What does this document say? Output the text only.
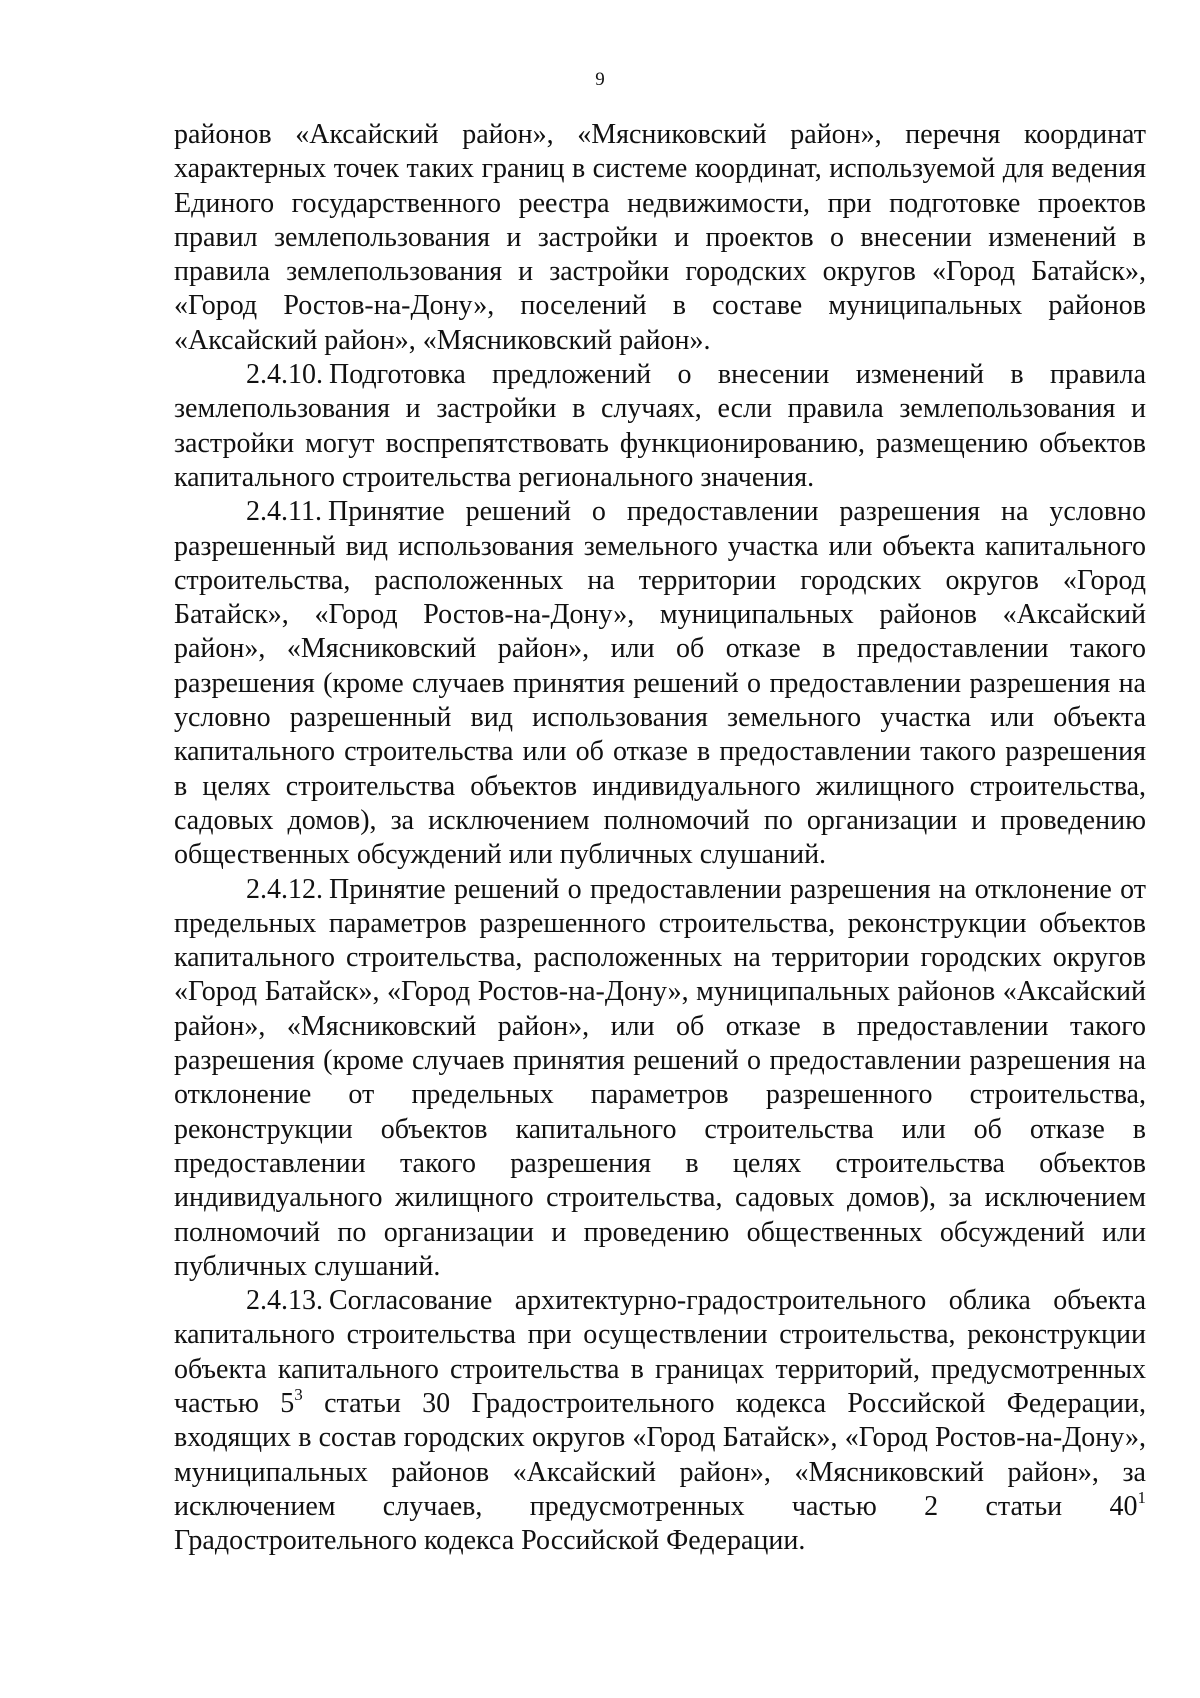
9

районов «Аксайский район», «Мясниковский район», перечня координат характерных точек таких границ в системе координат, используемой для ведения Единого государственного реестра недвижимости, при подготовке проектов правил землепользования и застройки и проектов о внесении изменений в правила землепользования и застройки городских округов «Город Батайск», «Город Ростов-на-Дону», поселений в составе муниципальных районов «Аксайский район», «Мясниковский район».

2.4.10. Подготовка предложений о внесении изменений в правила землепользования и застройки в случаях, если правила землепользования и застройки могут воспрепятствовать функционированию, размещению объектов капитального строительства регионального значения.

2.4.11. Принятие решений о предоставлении разрешения на условно разрешенный вид использования земельного участка или объекта капитального строительства, расположенных на территории городских округов «Город Батайск», «Город Ростов-на-Дону», муниципальных районов «Аксайский район», «Мясниковский район», или об отказе в предоставлении такого разрешения (кроме случаев принятия решений о предоставлении разрешения на условно разрешенный вид использования земельного участка или объекта капитального строительства или об отказе в предоставлении такого разрешения в целях строительства объектов индивидуального жилищного строительства, садовых домов), за исключением полномочий по организации и проведению общественных обсуждений или публичных слушаний.

2.4.12. Принятие решений о предоставлении разрешения на отклонение от предельных параметров разрешенного строительства, реконструкции объектов капитального строительства, расположенных на территории городских округов «Город Батайск», «Город Ростов-на-Дону», муниципальных районов «Аксайский район», «Мясниковский район», или об отказе в предоставлении такого разрешения (кроме случаев принятия решений о предоставлении разрешения на отклонение от предельных параметров разрешенного строительства, реконструкции объектов капитального строительства или об отказе в предоставлении такого разрешения в целях строительства объектов индивидуального жилищного строительства, садовых домов), за исключением полномочий по организации и проведению общественных обсуждений или публичных слушаний.

2.4.13. Согласование архитектурно-градостроительного облика объекта капитального строительства при осуществлении строительства, реконструкции объекта капитального строительства в границах территорий, предусмотренных частью $5^3$ статьи 30 Градостроительного кодекса Российской Федерации, входящих в состав городских округов «Город Батайск», «Город Ростов-на-Дону», муниципальных районов «Аксайский район», «Мясниковский район», за исключением случаев, предусмотренных частью 2 статьи $40^1$ Градостроительного кодекса Российской Федерации.
